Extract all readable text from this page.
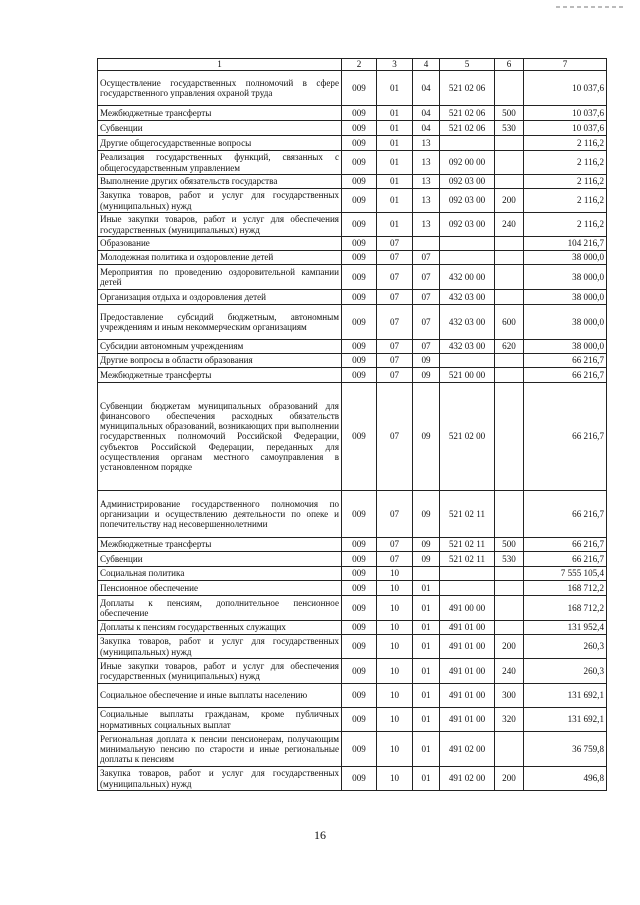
1	2	3	4	5	6	7
Осуществление государственных полномочий в сфере государственного управления охраной труда	009	01	04	521 02 06		10 037,6
Межбюджетные трансферты	009	01	04	521 02 06	500	10 037,6
Субвенции	009	01	04	521 02 06	530	10 037,6
Другие общегосударственные вопросы	009	01	13			2 116,2
Реализация государственных функций, связанных с общегосударственным управлением	009	01	13	092 00 00		2 116,2
Выполнение других обязательств государства	009	01	13	092 03 00		2 116,2
Закупка товаров, работ и услуг для государственных (муниципальных) нужд	009	01	13	092 03 00	200	2 116,2
Иные закупки товаров, работ и услуг для обеспечения государственных (муниципальных) нужд	009	01	13	092 03 00	240	2 116,2
Образование	009	07				104 216,7
Молодежная политика и оздоровление детей	009	07	07			38 000,0
Мероприятия по проведению оздоровительной кампании детей	009	07	07	432 00 00		38 000,0
Организация отдыха и оздоровления детей	009	07	07	432 03 00		38 000,0
Предоставление субсидий бюджетным, автономным учреждениям и иным некоммерческим организациям	009	07	07	432 03 00	600	38 000,0
Субсидии автономным учреждениям	009	07	07	432 03 00	620	38 000,0
Другие вопросы в области образования	009	07	09			66 216,7
Межбюджетные трансферты	009	07	09	521 00 00		66 216,7
Субвенции бюджетам муниципальных образований для финансового обеспечения расходных обязательств муниципальных образований, возникающих при выполнении государственных полномочий Российской Федерации, субъектов Российской Федерации, переданных для осуществления органам местного самоуправления в установленном порядке	009	07	09	521 02 00		66 216,7
Администрирование государственного полномочия по организации и осуществлению деятельности по опеке и попечительству над несовершеннолетними	009	07	09	521 02 11		66 216,7
Межбюджетные трансферты	009	07	09	521 02 11	500	66 216,7
Субвенции	009	07	09	521 02 11	530	66 216,7
Социальная политика	009	10				7 555 105,4
Пенсионное обеспечение	009	10	01			168 712,2
Доплаты к пенсиям, дополнительное пенсионное обеспечение	009	10	01	491 00 00		168 712,2
Доплаты к пенсиям государственных служащих	009	10	01	491 01 00		131 952,4
Закупка товаров, работ и услуг для государственных (муниципальных) нужд	009	10	01	491 01 00	200	260,3
Иные закупки товаров, работ и услуг для обеспечения государственных (муниципальных) нужд	009	10	01	491 01 00	240	260,3
Социальное обеспечение и иные выплаты населению	009	10	01	491 01 00	300	131 692,1
Социальные выплаты гражданам, кроме публичных нормативных социальных выплат	009	10	01	491 01 00	320	131 692,1
Региональная доплата к пенсии пенсионерам, получающим минимальную пенсию по старости и иные региональные доплаты к пенсиям	009	10	01	491 02 00		36 759,8
Закупка товаров, работ и услуг для государственных (муниципальных) нужд	009	10	01	491 02 00	200	496,8
16
